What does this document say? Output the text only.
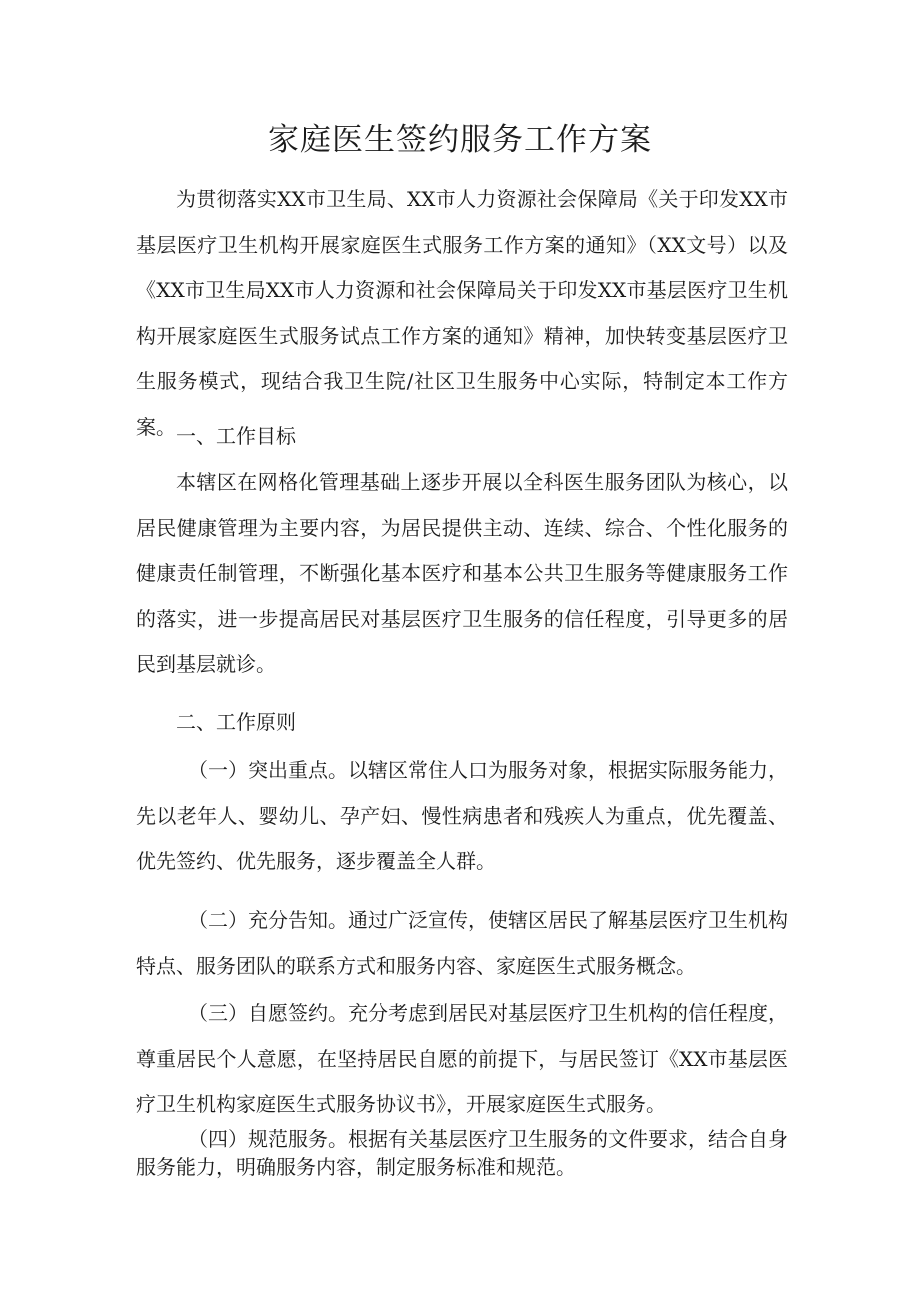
家庭医生签约服务工作方案

为贯彻落实XX市卫生局、XX市人力资源社会保障局《关于印发XX市基层医疗卫生机构开展家庭医生式服务工作方案的通知》（XX文号）以及《XX市卫生局XX市人力资源和社会保障局关于印发XX市基层医疗卫生机构开展家庭医生式服务试点工作方案的通知》精神，加快转变基层医疗卫生服务模式，现结合我卫生院/社区卫生服务中心实际，特制定本工作方案。 一、工作目标

本辖区在网格化管理基础上逐步开展以全科医生服务团队为核心，以居民健康管理为主要内容，为居民提供主动、连续、综合、个性化服务的健康责任制管理，不断强化基本医疗和基本公共卫生服务等健康服务工作的落实，进一步提高居民对基层医疗卫生服务的信任程度，引导更多的居民到基层就诊。

二、工作原则

（一）突出重点。以辖区常住人口为服务对象，根据实际服务能力，先以老年人、婴幼儿、孕产妇、慢性病患者和残疾人为重点，优先覆盖、优先签约、优先服务，逐步覆盖全人群。

（二）充分告知。通过广泛宣传，使辖区居民了解基层医疗卫生机构特点、服务团队的联系方式和服务内容、家庭医生式服务概念。

（三）自愿签约。充分考虑到居民对基层医疗卫生机构的信任程度，尊重居民个人意愿，在坚持居民自愿的前提下，与居民签订《XX市基层医疗卫生机构家庭医生式服务协议书》，开展家庭医生式服务。

（四）规范服务。根据有关基层医疗卫生服务的文件要求，结合自身服务能力，明确服务内容，制定服务标准和规范。
